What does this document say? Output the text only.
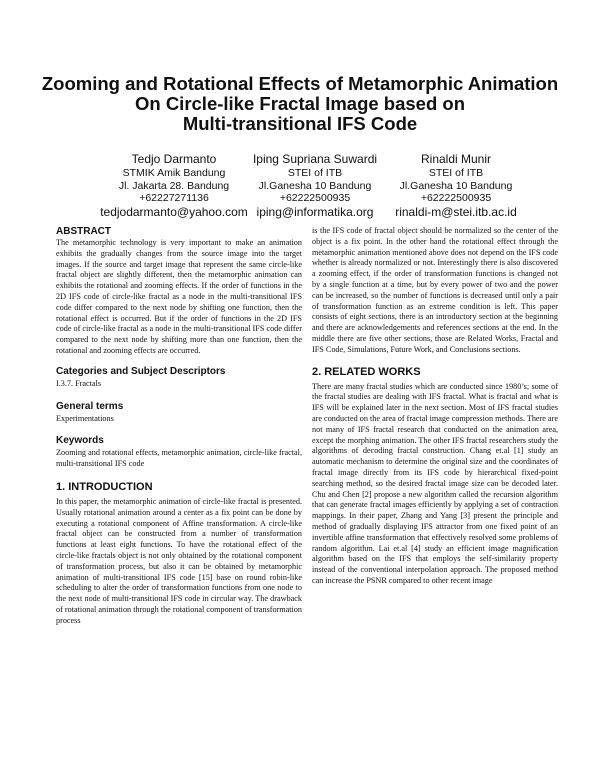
Zooming and Rotational Effects of Metamorphic Animation
On Circle-like Fractal Image based on
Multi-transitional IFS Code
Tedjo Darmanto
STMIK Amik Bandung
Jl. Jakarta 28. Bandung
+62227271136
tedjodarmanto@yahoo.com
Iping Supriana Suwardi
STEI of ITB
Jl.Ganesha 10 Bandung
+62222500935
iping@informatika.org
Rinaldi Munir
STEI of ITB
Jl.Ganesha 10 Bandung
+62222500935
rinaldi-m@stei.itb.ac.id
ABSTRACT

The metamorphic technology is very important to make an animation exhibits the gradually changes from the source image into the target images. If the source and target image that represent the same circle-like fractal object are slightly different, then the metamorphic animation can exhibits the rotational and zooming effects. If the order of functions in the 2D IFS code of circle-like fractal as a node in the multi-transitional IFS code differ compared to the next node by shifting one function, then the rotational effect is occurred. But if the order of functions in the 2D IFS code of circle-like fractal as a node in the multi-transitional IFS code differ compared to the next node by shifting more than one function, then the rotational and zooming effects are occurred.

Categories and Subject Descriptors

I.3.7. Fractals

General terms

Experimentations

Keywords

Zooming and rotational effects, metamorphic animation, circle-like fractal, multi-transitional IFS code

1. INTRODUCTION

In this paper, the metamorphic animation of circle-like fractal is presented. Usually rotational animation around a center as a fix point can be done by executing a rotational component of Affine transformation. A circle-like fractal object can be constructed from a number of transformation functions at least eight functions. To have the rotational effect of the circle-like fractals object is not only obtained by the rotational component of transformation process, but also it can be obtained by metamorphic animation of multi-transitional IFS code [15] base on round robin-like scheduling to alter the order of transformation functions from one node to the next node of multi-transitional IFS code in circular way. The drawback of rotational animation through the rotational component of transformation process

is the IFS code of fractal object should be normalized so the center of the object is a fix point. In the other hand the rotational effect through the metamorphic animation mentioned above does not depend on the IFS code whether is already normalized or not. Interestingly there is also discovered a zooming effect, if the order of transformation functions is changed not by a single function at a time, but by every power of two and the power can be increased, so the number of functions is decreased until only a pair of transformation function as an extreme condition is left. This paper consists of eight sections, there is an introductory section at the beginning and there are acknowledgements and references sections at the end. In the middle there are five other sections, those are Related Works, Fractal and IFS Code, Simulations, Future Work, and Conclusions sections.

2. RELATED WORKS

There are many fractal studies which are conducted since 1980’s; some of the fractal studies are dealing with IFS fractal. What is fractal and what is IFS will be explained later in the next section. Most of IFS fractal studies are conducted on the area of fractal image compression methods. There are not many of IFS fractal research that conducted on the animation area, except the morphing animation. The other IFS fractal researchers study the algorithms of decoding fractal construction. Chang et.al [1] study an automatic mechanism to determine the original size and the coordinates of fractal image directly from its IFS code by hierarchical fixed-point searching method, so the desired fractal image size can be decoded later. Chu and Chen [2] propose a new algorithm called the recursion algorithm that can generate fractal images efficiently by applying a set of contraction mappings. In their paper, Zhang and Yang [3] present the principle and method of gradually displaying IFS attractor from one fixed point of an invertible affine transformation that effectively resolved some problems of random algorithm. Lai et.al [4] study an efficient image magnification algorithm based on the IFS that employs the self-similarity property instead of the conventional interpolation approach. The proposed method can increase the PSNR compared to other recent image
